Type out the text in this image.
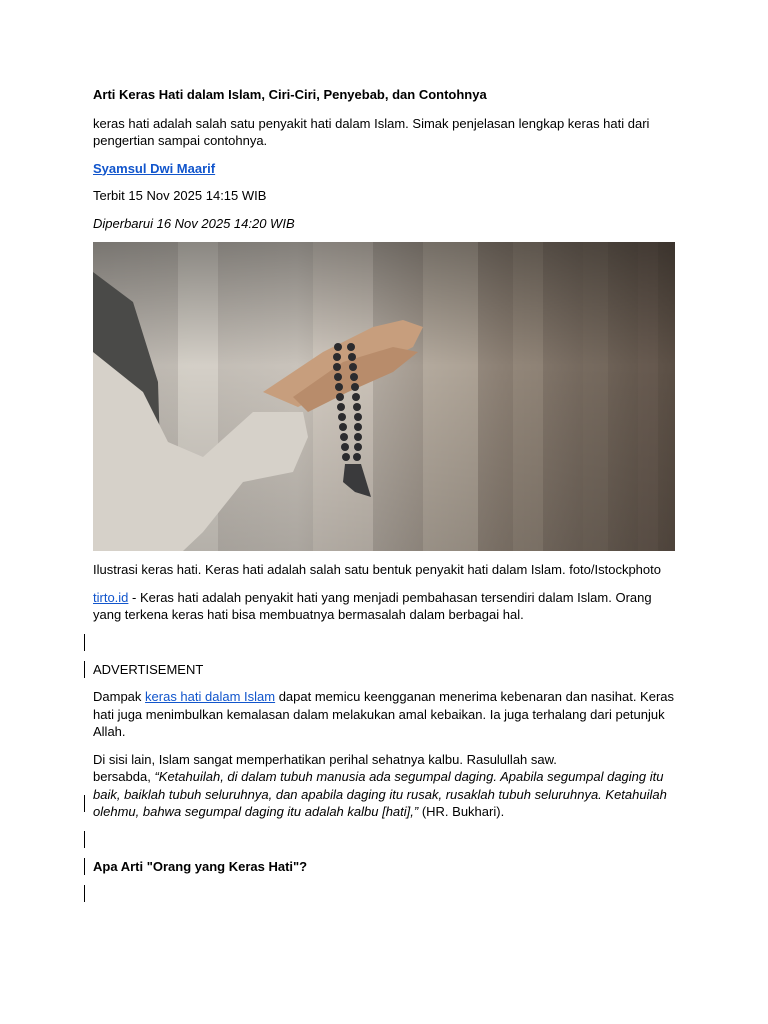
Arti Keras Hati dalam Islam, Ciri-Ciri, Penyebab, dan Contohnya

keras hati adalah salah satu penyakit hati dalam Islam. Simak penjelasan lengkap keras hati dari pengertian sampai contohnya.

Syamsul Dwi Maarif

Terbit 15 Nov 2025 14:15 WIB

Diperbarui 16 Nov 2025 14:20 WIB

Ilustrasi keras hati. Keras hati adalah salah satu bentuk penyakit hati dalam Islam. foto/Istockphoto

tirto.id - Keras hati adalah penyakit hati yang menjadi pembahasan tersendiri dalam Islam. Orang yang terkena keras hati bisa membuatnya bermasalah dalam berbagai hal.

ADVERTISEMENT

Dampak keras hati dalam Islam dapat memicu keengganan menerima kebenaran dan nasihat. Keras hati juga menimbulkan kemalasan dalam melakukan amal kebaikan. Ia juga terhalang dari petunjuk Allah.

Di sisi lain, Islam sangat memperhatikan perihal sehatnya kalbu. Rasulullah saw.
bersabda, “Ketahuilah, di dalam tubuh manusia ada segumpal daging. Apabila segumpal daging itu baik, baiklah tubuh seluruhnya, dan apabila daging itu rusak, rusaklah tubuh seluruhnya. Ketahuilah olehmu, bahwa segumpal daging itu adalah kalbu [hati],” (HR. Bukhari).

Apa Arti "Orang yang Keras Hati"?
